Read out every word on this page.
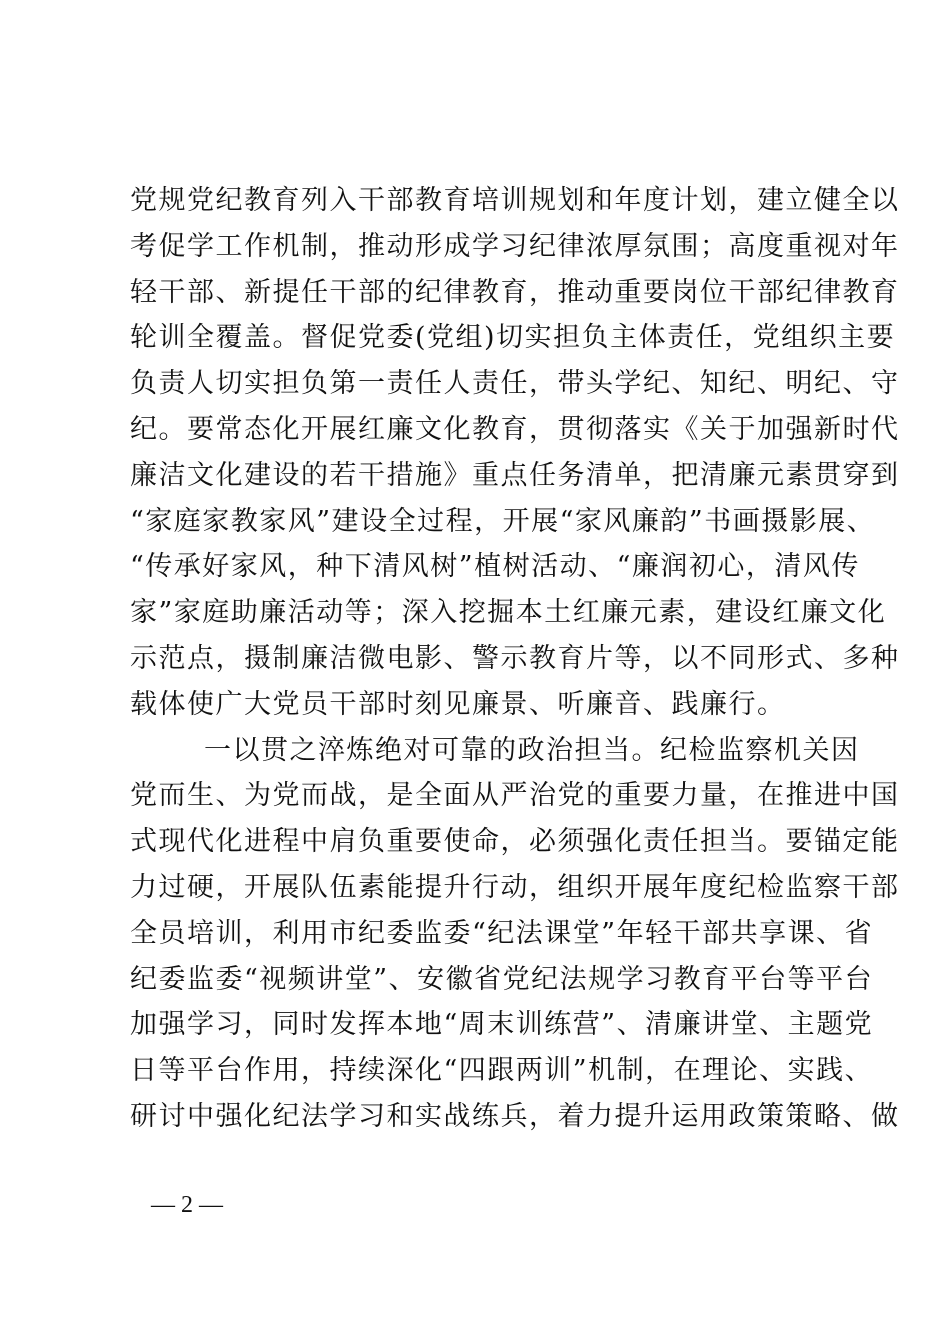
党规党纪教育列入干部教育培训规划和年度计划，建立健全以
考促学工作机制，推动形成学习纪律浓厚氛围；高度重视对年
轻干部、新提任干部的纪律教育，推动重要岗位干部纪律教育
轮训全覆盖。督促党委(党组)切实担负主体责任，党组织主要
负责人切实担负第一责任人责任，带头学纪、知纪、明纪、守
纪。要常态化开展红廉文化教育，贯彻落实《关于加强新时代
廉洁文化建设的若干措施》重点任务清单，把清廉元素贯穿到
“家庭家教家风”建设全过程，开展“家风廉韵”书画摄影展、
“传承好家风，种下清风树”植树活动、“廉润初心，清风传
家”家庭助廉活动等；深入挖掘本土红廉元素，建设红廉文化
示范点，摄制廉洁微电影、警示教育片等，以不同形式、多种
载体使广大党员干部时刻见廉景、听廉音、践廉行。
一以贯之淬炼绝对可靠的政治担当。纪检监察机关因
党而生、为党而战，是全面从严治党的重要力量，在推进中国
式现代化进程中肩负重要使命，必须强化责任担当。要锚定能
力过硬，开展队伍素能提升行动，组织开展年度纪检监察干部
全员培训，利用市纪委监委“纪法课堂”年轻干部共享课、省
纪委监委“视频讲堂”、安徽省党纪法规学习教育平台等平台
加强学习，同时发挥本地“周末训练营”、清廉讲堂、主题党
日等平台作用，持续深化“四跟两训”机制，在理论、实践、
研讨中强化纪法学习和实战练兵，着力提升运用政策策略、做
— 2 —
